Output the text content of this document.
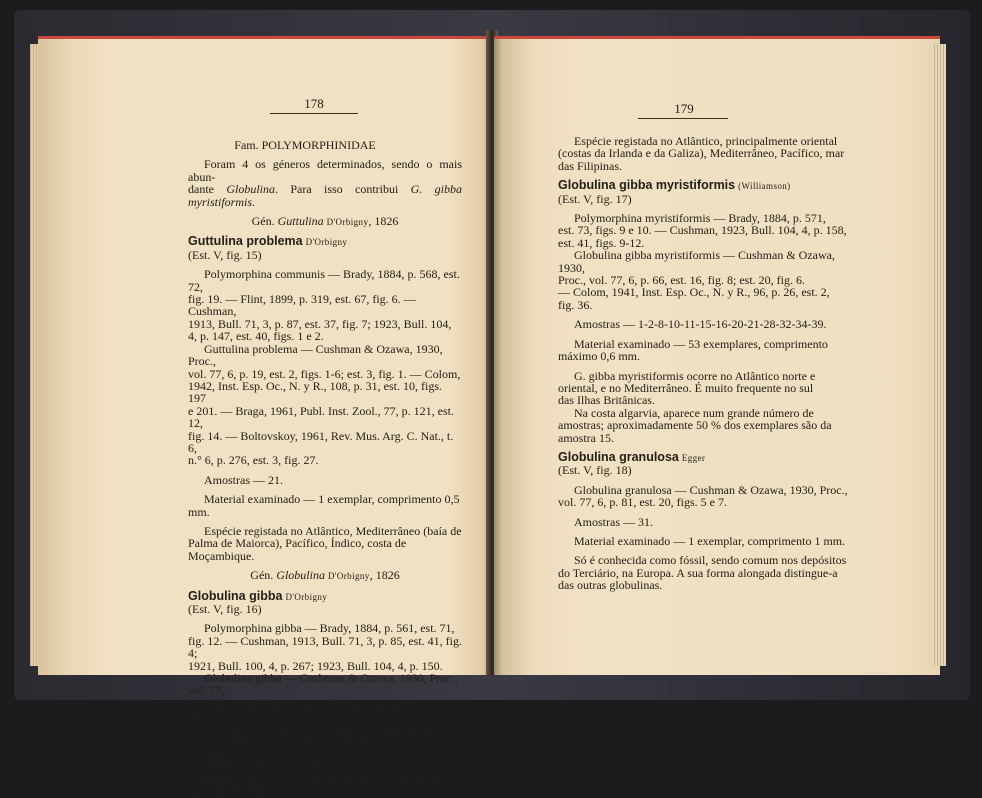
178

Fam. POLYMORPHINIDAE

Foram 4 os géneros determinados, sendo o mais abun-
dante Globulina. Para isso contribui G. gibba myristiformis.

Gén. Guttulina D'Orbigny, 1826

Guttulina problema D'Orbigny

(Est. V, fig. 15)

Polymorphina communis — Brady, 1884, p. 568, est. 72,

fig. 19. — Flint, 1899, p. 319, est. 67, fig. 6. — Cushman,

1913, Bull. 71, 3, p. 87, est. 37, fig. 7; 1923, Bull. 104,

4, p. 147, est. 40, figs. 1 e 2.

Guttulina problema — Cushman & Ozawa, 1930, Proc.,

vol. 77, 6, p. 19, est. 2, figs. 1-6; est. 3, fig. 1. — Colom,

1942, Inst. Esp. Oc., N. y R., 108, p. 31, est. 10, figs. 197

e 201. — Braga, 1961, Publ. Inst. Zool., 77, p. 121, est. 12,

fig. 14. — Boltovskoy, 1961, Rev. Mus. Arg. C. Nat., t. 6,

n.° 6, p. 276, est. 3, fig. 27.

Amostras — 21.

Material examinado — 1 exemplar, comprimento 0,5 mm.

Espécie registada no Atlântico, Mediterrâneo (baía de
Palma de Maiorca), Pacífico, Índico, costa de Moçambique.

Gén. Globulina D'Orbigny, 1826

Globulina gibba D'Orbigny

(Est. V, fig. 16)

Polymorphina gibba — Brady, 1884, p. 561, est. 71,

fig. 12. — Cushman, 1913, Bull. 71, 3, p. 85, est. 41, fig. 4;

1921, Bull. 100, 4, p. 267; 1923, Bull. 104, 4, p. 150.

Globulina gibba — Cushman & Ozawa, 1930, Proc., vol. 77,

6, p. 60, est. 16, figs. 1-4. — Colom, 1941, Inst. Esp. Oc.,

N. y R., 96, p. 26, est. 2, figs. 34 e 35; 1942, Inst. Esp.

Oc., N. y R., 108, p. 32, est. 10, fig. 209.

Amostras — 7-10-15-21-30-39.

Material examinado — 9 exemplares, comprimento
máximo 0,6 mm.

179

Espécie registada no Atlântico, principalmente oriental

(costas da Irlanda e da Galiza), Mediterrâneo, Pacífico, mar

das Filipinas.

Globulina gibba myristiformis (Williamson)

(Est. V, fig. 17)

Polymorphina myristiformis — Brady, 1884, p. 571,

est. 73, figs. 9 e 10. — Cushman, 1923, Bull. 104, 4, p. 158,

est. 41, figs. 9-12.

Globulina gibba myristiformis — Cushman & Ozawa, 1930,

Proc., vol. 77, 6, p. 66, est. 16, fig. 8; est. 20, fig. 6.

— Colom, 1941, Inst. Esp. Oc., N. y R., 96, p. 26, est. 2,

fig. 36.

Amostras — 1-2-8-10-11-15-16-20-21-28-32-34-39.

Material examinado — 53 exemplares, comprimento
máximo 0,6 mm.

G. gibba myristiformis ocorre no Atlântico norte e

oriental, e no Mediterrâneo. É muito frequente no sul

das Ilhas Britânicas.

Na costa algarvia, aparece num grande número de

amostras; aproximadamente 50 % dos exemplares são da

amostra 15.

Globulina granulosa Egger

(Est. V, fig. 18)

Globulina granulosa — Cushman & Ozawa, 1930, Proc.,

vol. 77, 6, p. 81, est. 20, figs. 5 e 7.

Amostras — 31.

Material examinado — 1 exemplar, comprimento 1 mm.

Só é conhecida como fóssil, sendo comum nos depósitos

do Terciário, na Europa. A sua forma alongada distingue-a

das outras globulinas.
